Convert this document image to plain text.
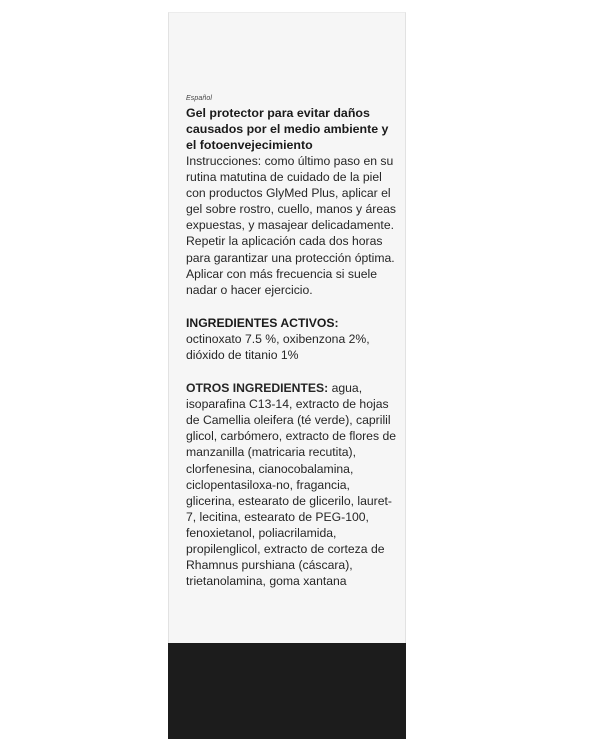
Español

Gel protector para evitar daños causados por el medio ambiente y el fotoenvejecimiento

Instrucciones: como último paso en su rutina matutina de cuidado de la piel con productos GlyMed Plus, aplicar el gel sobre rostro, cuello, manos y áreas expuestas, y masajear delicadamente. Repetir la aplicación cada dos horas para garantizar una protección óptima. Aplicar con más frecuencia si suele nadar o hacer ejercicio.

INGREDIENTES ACTIVOS:

octinoxato 7.5 %, oxibenzona 2%, dióxido de titanio 1%

OTROS INGREDIENTES: agua, isoparafina C13-14, extracto de hojas de Camellia oleifera (té verde), caprilil glicol, carbómero, extracto de flores de manzanilla (matricaria recutita), clorfenesina, cianocobalamina, ciclopentasiloxa-no, fragancia, glicerina, estearato de glicerilo, lauret-7, lecitina, estearato de PEG-100, fenoxietanol, poliacrilamida, propilenglicol, extracto de corteza de Rhamnus purshiana (cáscara), trietanolamina, goma xantana
